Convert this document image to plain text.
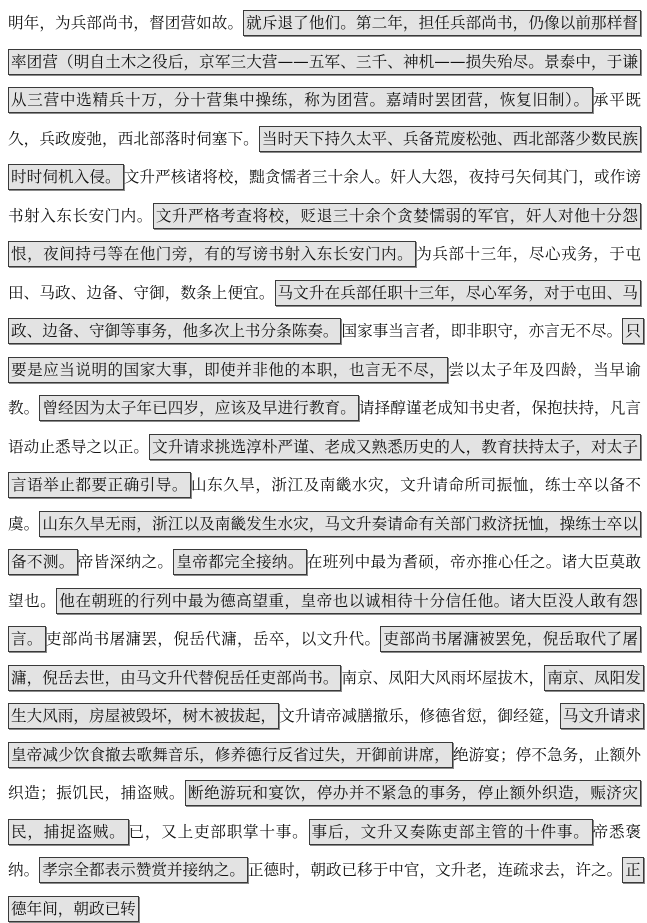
明年，为兵部尚书，督团营如故。 就斥退了他们。第二年，担任兵部尚书，仍像以前那样督率团营（明自土木之役后，京军三大营——五军、三千、神机——损失殆尽。景泰中，于谦从三营中选精兵十万，分十营集中操练，称为团营。嘉靖时罢团营，恢复旧制）。 承平既久，兵政废弛，西北部落时伺塞下。 当时天下持久太平、兵备荒废松弛、西北部落少数民族时时伺机入侵。 文升严核诸将校，黜贪懦者三十余人。奸人大怨，夜持弓矢伺其门，或作谤书射入东长安门内。 文升严格考查将校，贬退三十余个贪婪懦弱的军官，奸人对他十分怨恨，夜间持弓等在他门旁，有的写谤书射入东长安门内。 为兵部十三年，尽心戎务，于屯田、马政、边备、守御，数条上便宜。 马文升在兵部任职十三年，尽心军务，对于屯田、马政、边备、守御等事务，他多次上书分条陈奏。 国家事当言者，即非职守，亦言无不尽。 只要是应当说明的国家大事，即使并非他的本职，也言无不尽， 尝以太子年及四龄，当早谕教。 曾经因为太子年已四岁，应该及早进行教育。 请择醇谨老成知书史者，保抱扶持，凡言语动止悉导之以正。 文升请求挑选淳朴严谨、老成又熟悉历史的人，教育扶持太子，对太子言语举止都要正确引导。 山东久旱，浙江及南畿水灾，文升请命所司振恤，练士卒以备不虞。 山东久旱无雨，浙江以及南畿发生水灾，马文升奏请命有关部门救济抚恤，操练士卒以备不测。 帝皆深纳之。 皇帝都完全接纳。 在班列中最为耆硕，帝亦推心任之。诸大臣莫敢望也。 他在朝班的行列中最为德高望重，皇帝也以诚相待十分信任他。诸大臣没人敢有怨言。 吏部尚书屠滽罢，倪岳代滽，岳卒，以文升代。 吏部尚书屠滽被罢免，倪岳取代了屠滽，倪岳去世，由马文升代替倪岳任吏部尚书。 南京、凤阳大风雨坏屋拔木， 南京、凤阳发生大风雨，房屋被毁坏，树木被拔起， 文升请帝减膳撤乐，修德省愆，御经筵， 马文升请求皇帝减少饮食撤去歌舞音乐，修养德行反省过失，开御前讲席， 绝游宴；停不急务，止额外织造；振饥民，捕盗贼。 断绝游玩和宴饮，停办并不紧急的事务，停止额外织造，赈济灾民，捕捉盗贼。 已，又上吏部职掌十事。 事后，文升又奏陈吏部主管的十件事。 帝悉褒纳。 孝宗全都表示赞赏并接纳之。 正德时，朝政已移于中官，文升老，连疏求去，许之。 正德年间，朝政已转
